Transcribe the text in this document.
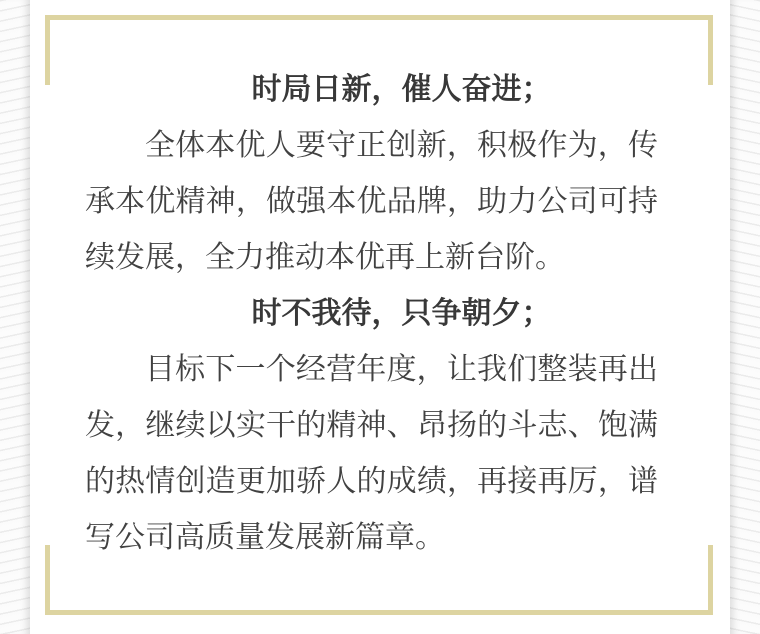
时局日新，催人奋进；
全体本优人要守正创新，积极作为，传
承本优精神，做强本优品牌，助力公司可持
续发展，全力推动本优再上新台阶。
时不我待，只争朝夕；
目标下一个经营年度，让我们整装再出
发，继续以实干的精神、昂扬的斗志、饱满
的热情创造更加骄人的成绩，再接再厉，谱
写公司高质量发展新篇章。
